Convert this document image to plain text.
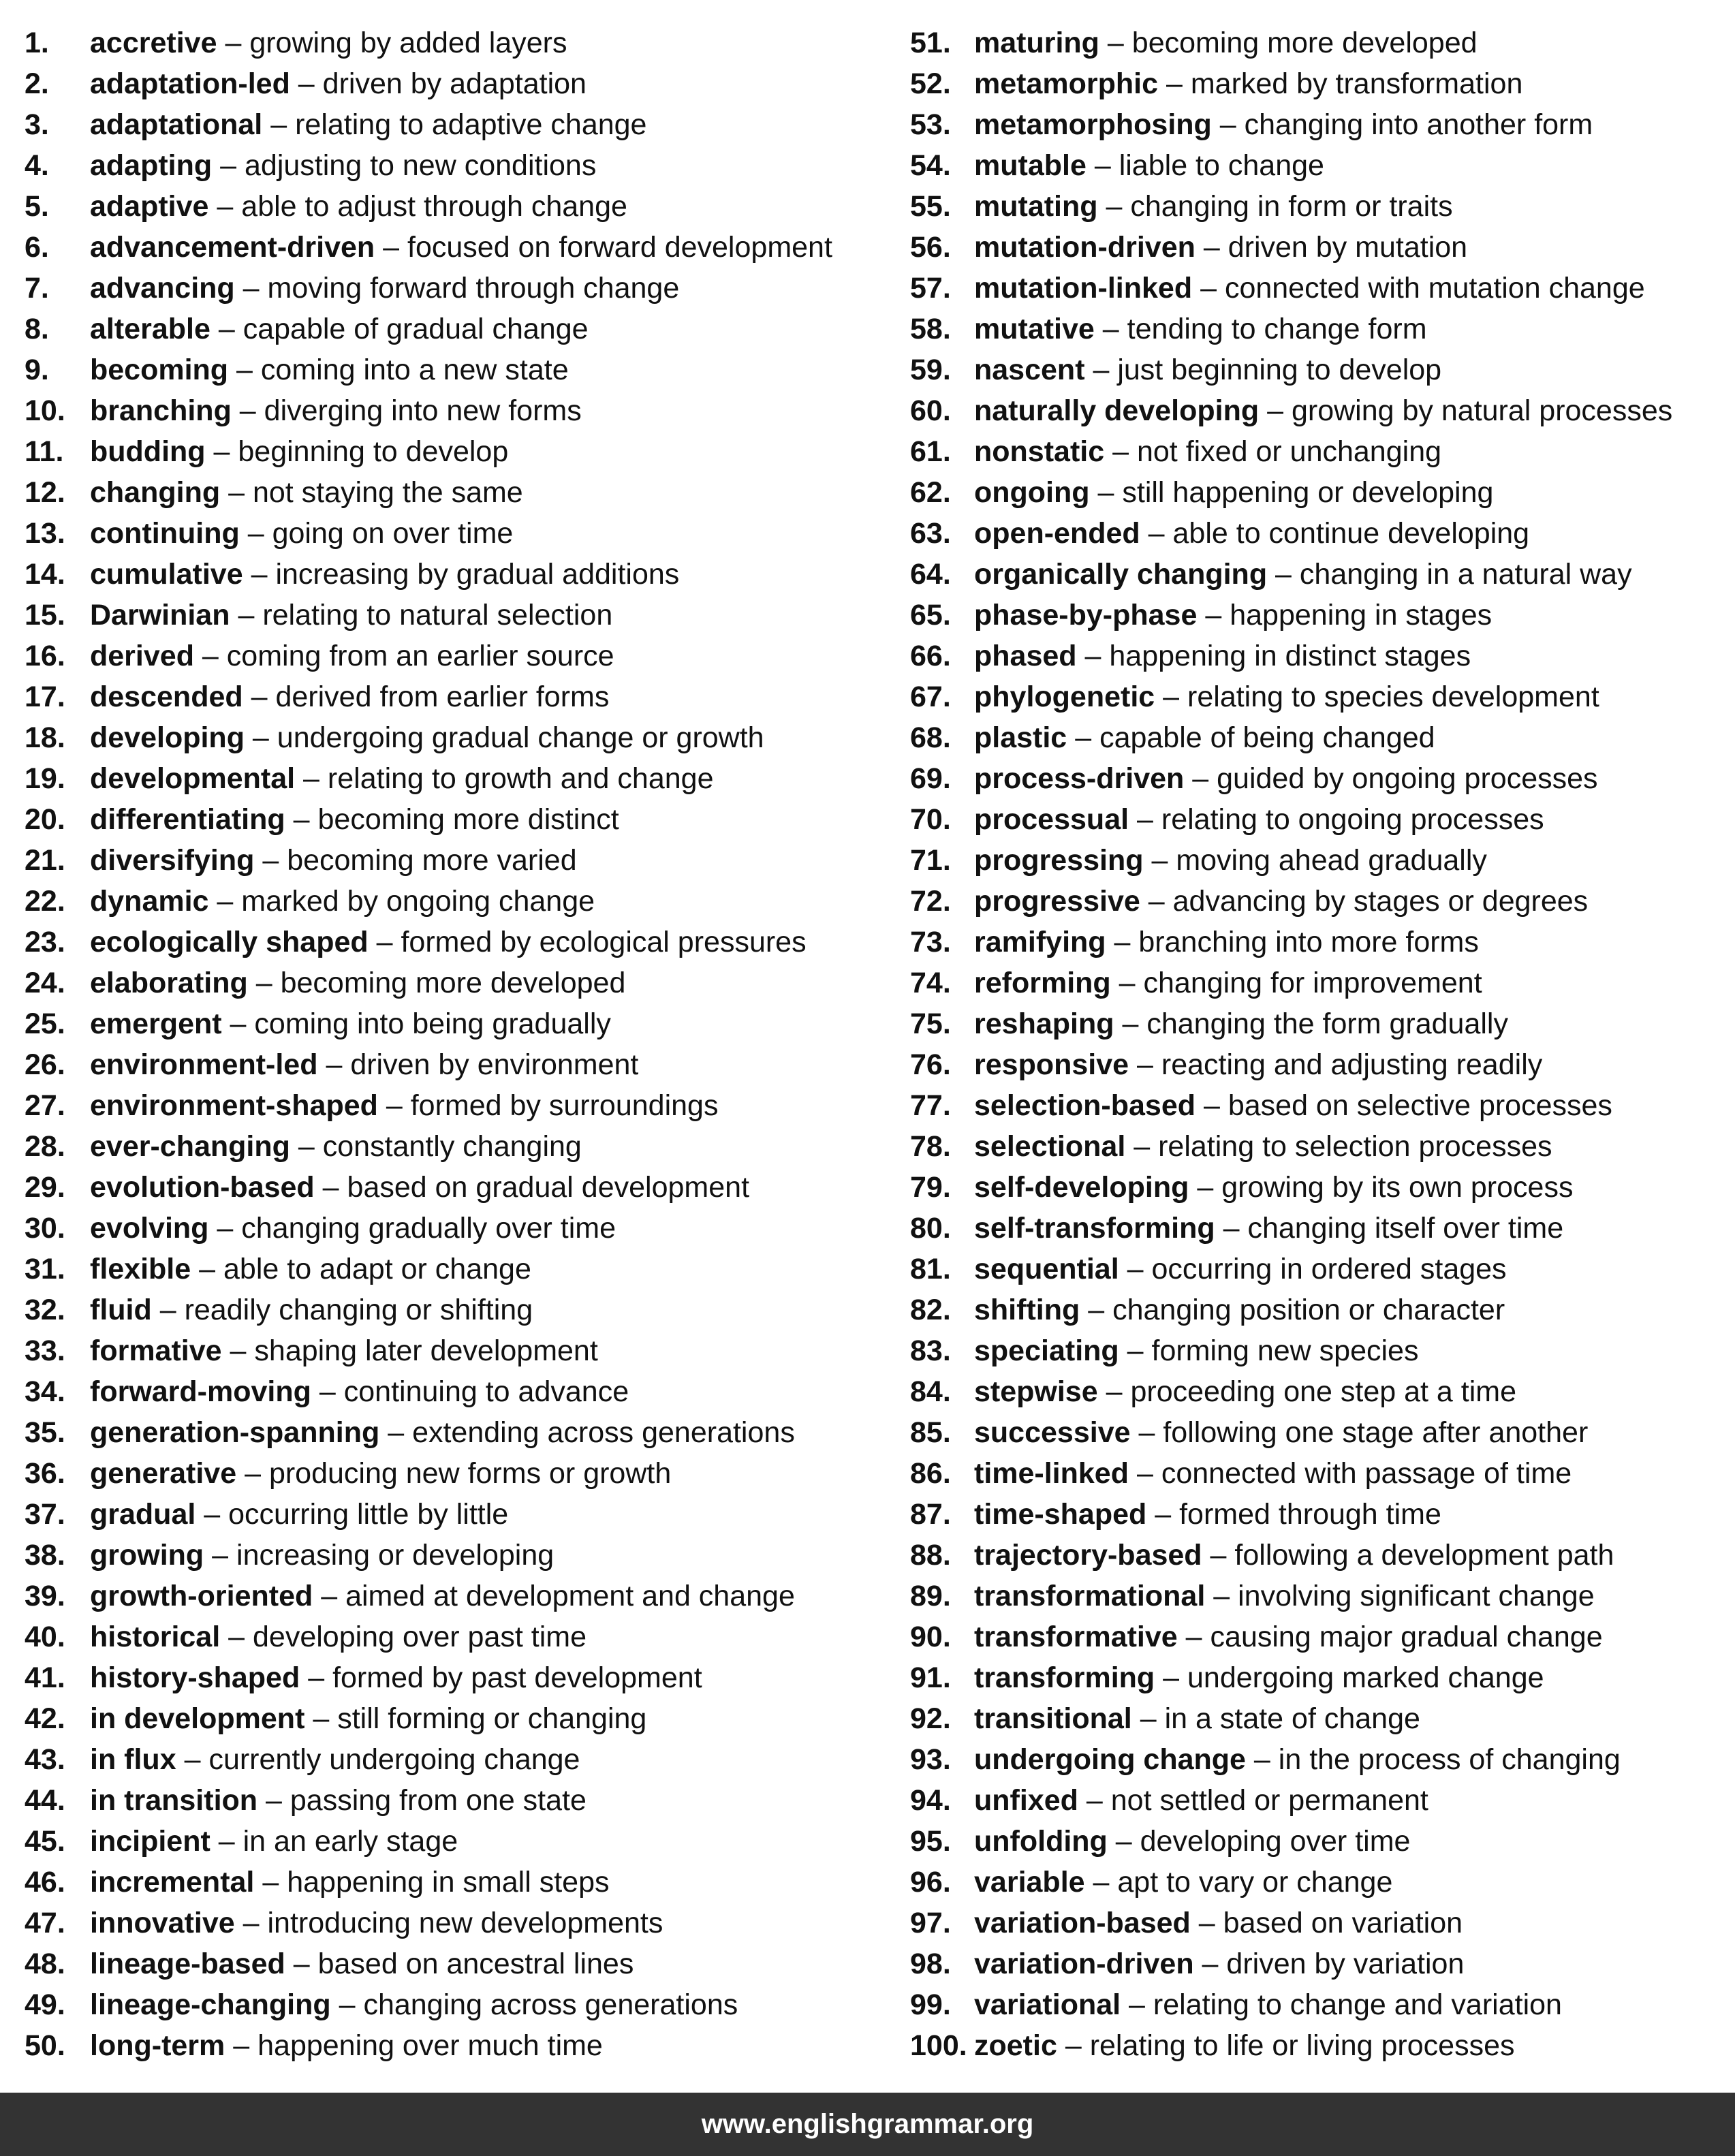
1. accretive – growing by added layers
2. adaptation-led – driven by adaptation
3. adaptational – relating to adaptive change
4. adapting – adjusting to new conditions
5. adaptive – able to adjust through change
6. advancement-driven – focused on forward development
7. advancing – moving forward through change
8. alterable – capable of gradual change
9. becoming – coming into a new state
10. branching – diverging into new forms
11. budding – beginning to develop
12. changing – not staying the same
13. continuing – going on over time
14. cumulative – increasing by gradual additions
15. Darwinian – relating to natural selection
16. derived – coming from an earlier source
17. descended – derived from earlier forms
18. developing – undergoing gradual change or growth
19. developmental – relating to growth and change
20. differentiating – becoming more distinct
21. diversifying – becoming more varied
22. dynamic – marked by ongoing change
23. ecologically shaped – formed by ecological pressures
24. elaborating – becoming more developed
25. emergent – coming into being gradually
26. environment-led – driven by environment
27. environment-shaped – formed by surroundings
28. ever-changing – constantly changing
29. evolution-based – based on gradual development
30. evolving – changing gradually over time
31. flexible – able to adapt or change
32. fluid – readily changing or shifting
33. formative – shaping later development
34. forward-moving – continuing to advance
35. generation-spanning – extending across generations
36. generative – producing new forms or growth
37. gradual – occurring little by little
38. growing – increasing or developing
39. growth-oriented – aimed at development and change
40. historical – developing over past time
41. history-shaped – formed by past development
42. in development – still forming or changing
43. in flux – currently undergoing change
44. in transition – passing from one state
45. incipient – in an early stage
46. incremental – happening in small steps
47. innovative – introducing new developments
48. lineage-based – based on ancestral lines
49. lineage-changing – changing across generations
50. long-term – happening over much time
51. maturing – becoming more developed
52. metamorphic – marked by transformation
53. metamorphosing – changing into another form
54. mutable – liable to change
55. mutating – changing in form or traits
56. mutation-driven – driven by mutation
57. mutation-linked – connected with mutation change
58. mutative – tending to change form
59. nascent – just beginning to develop
60. naturally developing – growing by natural processes
61. nonstatic – not fixed or unchanging
62. ongoing – still happening or developing
63. open-ended – able to continue developing
64. organically changing – changing in a natural way
65. phase-by-phase – happening in stages
66. phased – happening in distinct stages
67. phylogenetic – relating to species development
68. plastic – capable of being changed
69. process-driven – guided by ongoing processes
70. processual – relating to ongoing processes
71. progressing – moving ahead gradually
72. progressive – advancing by stages or degrees
73. ramifying – branching into more forms
74. reforming – changing for improvement
75. reshaping – changing the form gradually
76. responsive – reacting and adjusting readily
77. selection-based – based on selective processes
78. selectional – relating to selection processes
79. self-developing – growing by its own process
80. self-transforming – changing itself over time
81. sequential – occurring in ordered stages
82. shifting – changing position or character
83. speciating – forming new species
84. stepwise – proceeding one step at a time
85. successive – following one stage after another
86. time-linked – connected with passage of time
87. time-shaped – formed through time
88. trajectory-based – following a development path
89. transformational – involving significant change
90. transformative – causing major gradual change
91. transforming – undergoing marked change
92. transitional – in a state of change
93. undergoing change – in the process of changing
94. unfixed – not settled or permanent
95. unfolding – developing over time
96. variable – apt to vary or change
97. variation-based – based on variation
98. variation-driven – driven by variation
99. variational – relating to change and variation
100. zoetic – relating to life or living processes
www.englishgrammar.org
